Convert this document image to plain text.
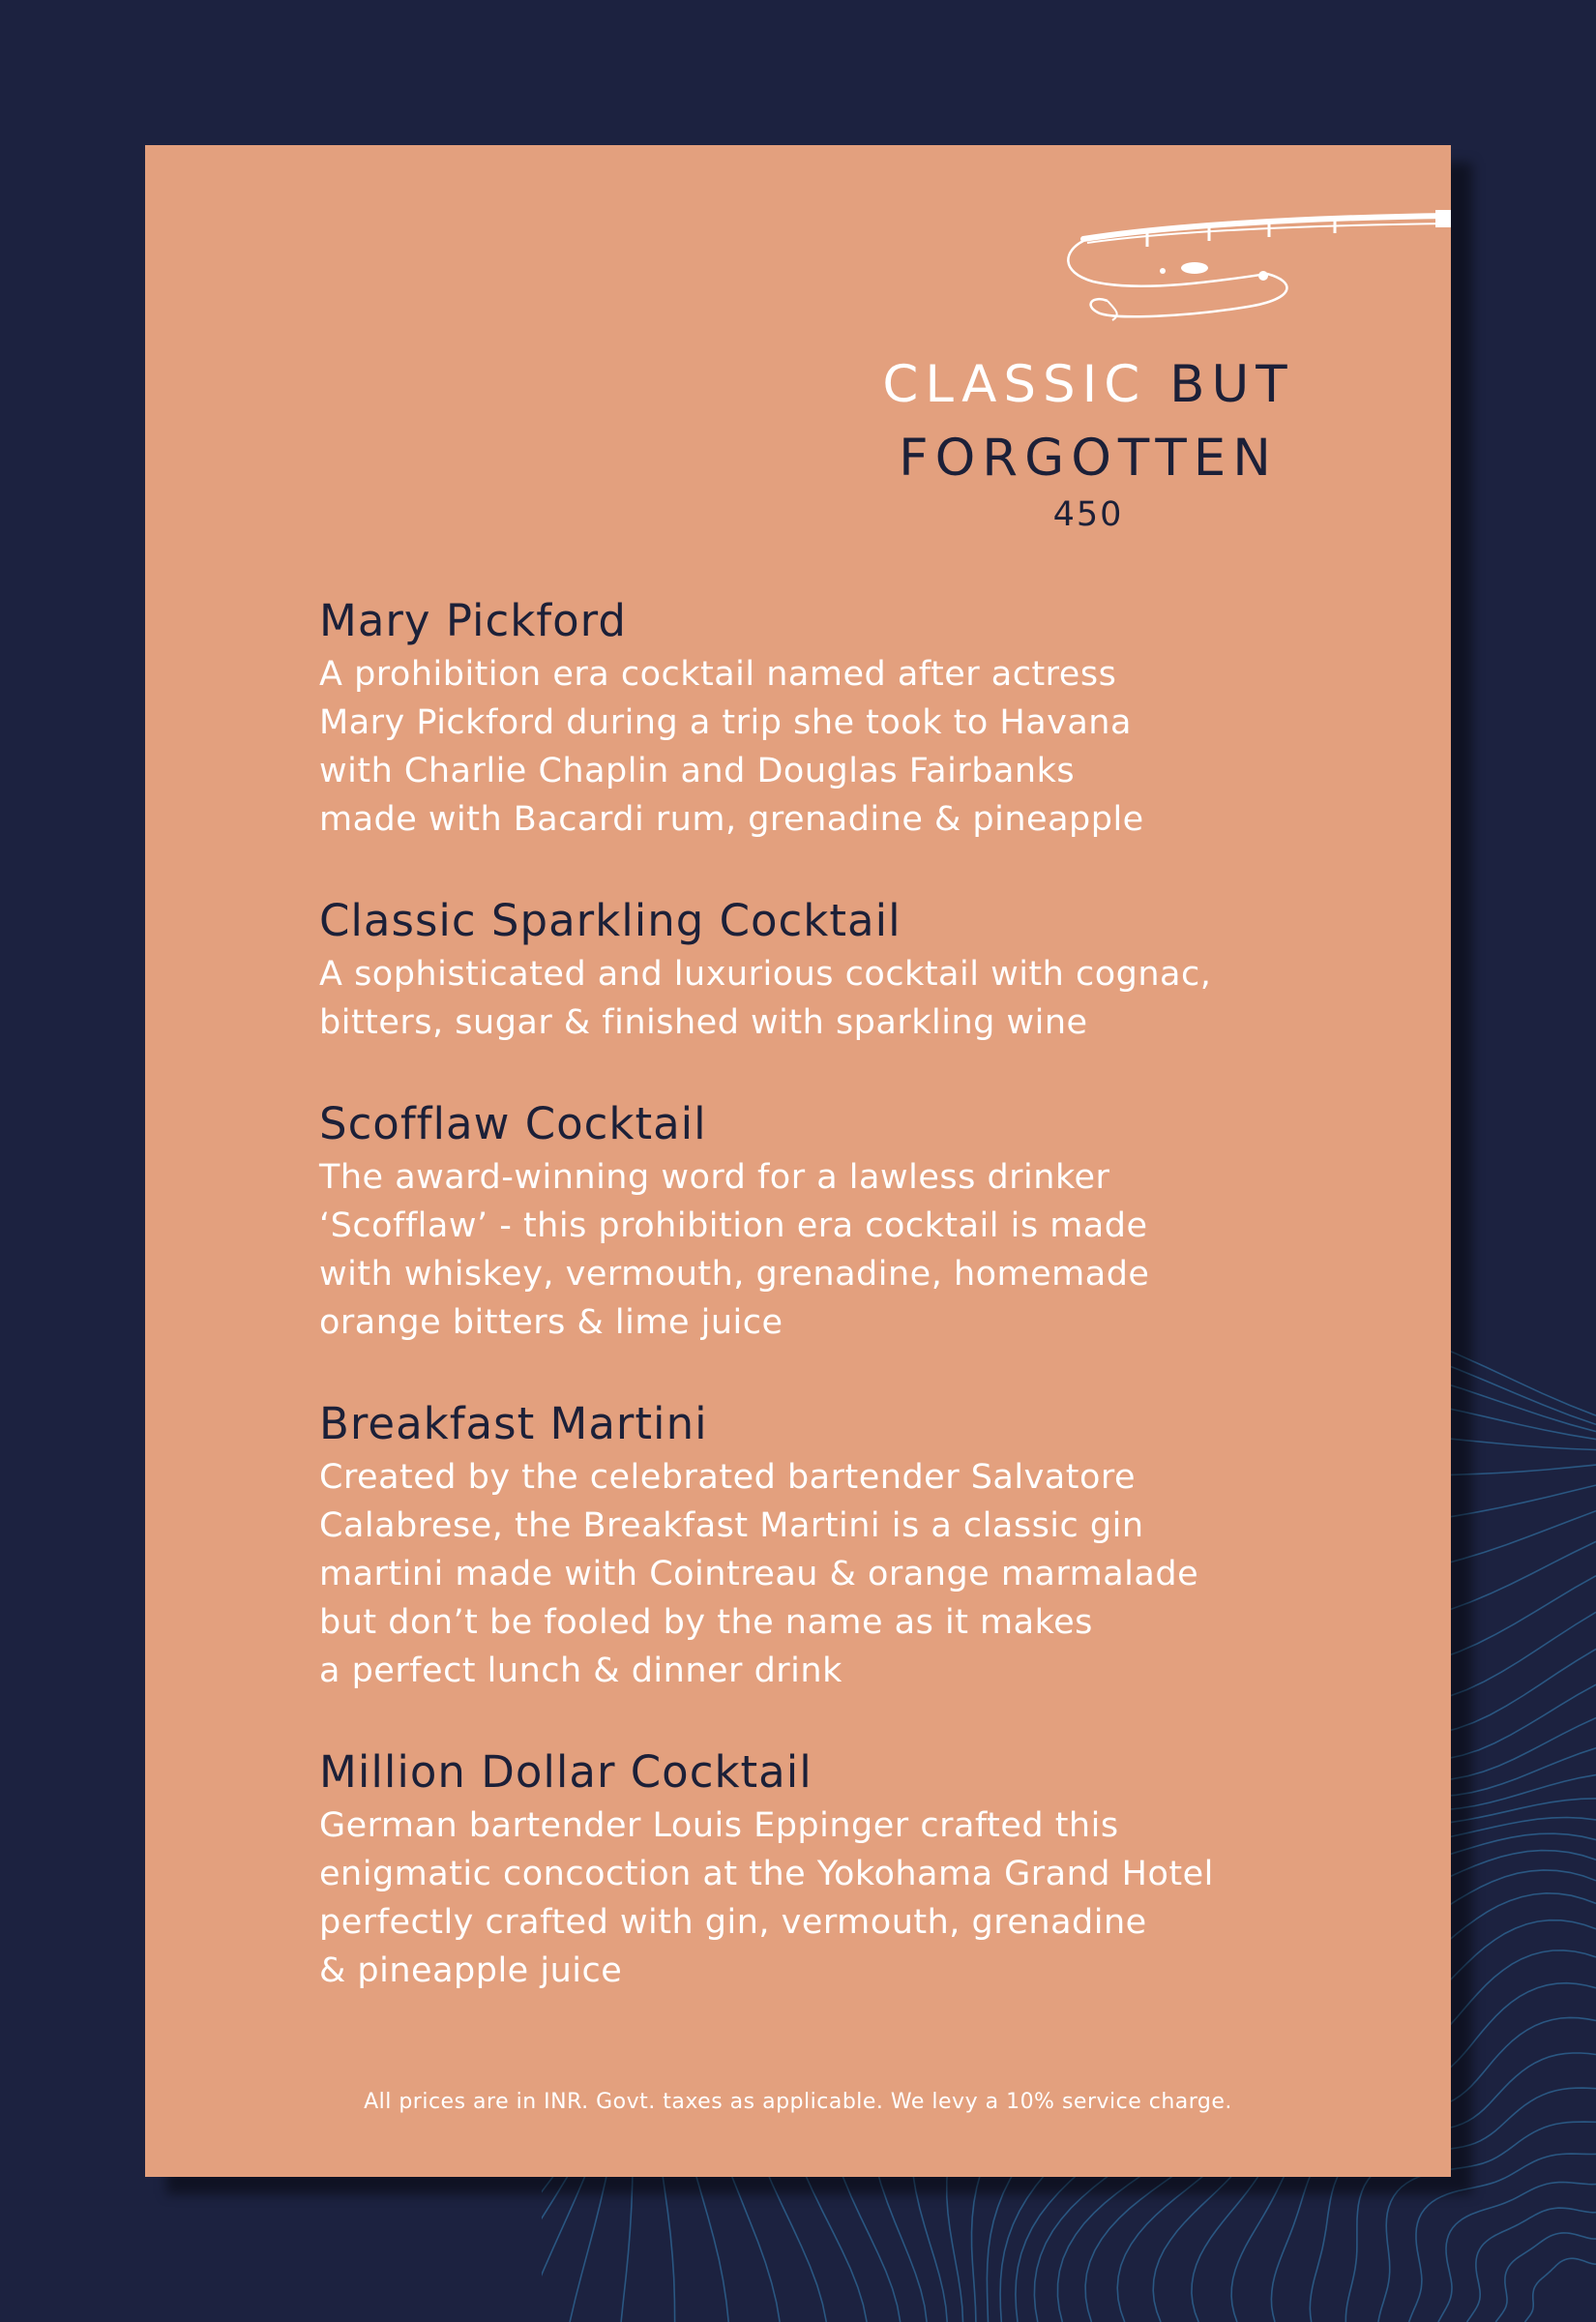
CLASSIC BUT
FORGOTTEN
450
Mary Pickford
A prohibition era cocktail named after actress
Mary Pickford during a trip she took to Havana
with Charlie Chaplin and Douglas Fairbanks
made with Bacardi rum, grenadine & pineapple
Classic Sparkling Cocktail
A sophisticated and luxurious cocktail with cognac,
bitters, sugar & finished with sparkling wine
Scofflaw Cocktail
The award-winning word for a lawless drinker
‘Scofflaw’ - this prohibition era cocktail is made
with whiskey, vermouth, grenadine, homemade
orange bitters & lime juice
Breakfast Martini
Created by the celebrated bartender Salvatore
Calabrese, the Breakfast Martini is a classic gin
martini made with Cointreau & orange marmalade
but don’t be fooled by the name as it makes
a perfect lunch & dinner drink
Million Dollar Cocktail
German bartender Louis Eppinger crafted this
enigmatic concoction at the Yokohama Grand Hotel
perfectly crafted with gin, vermouth, grenadine
& pineapple juice
All prices are in INR. Govt. taxes as applicable. We levy a 10% service charge.
